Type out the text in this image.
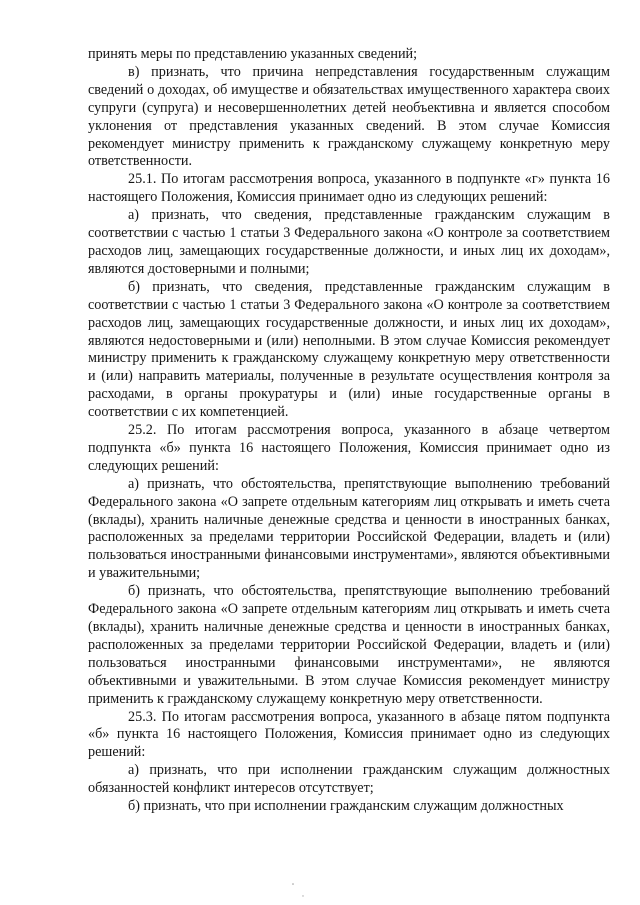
принять меры по представлению указанных сведений;

в) признать, что причина непредставления государственным служащим сведений о доходах, об имуществе и обязательствах имущественного характера своих супруги (супруга) и несовершеннолетних детей необъективна и является способом уклонения от представления указанных сведений. В этом случае Комиссия рекомендует министру применить к гражданскому служащему конкретную меру ответственности.

25.1. По итогам рассмотрения вопроса, указанного в подпункте «г» пункта 16 настоящего Положения, Комиссия принимает одно из следующих решений:

а) признать, что сведения, представленные гражданским служащим в соответствии с частью 1 статьи 3 Федерального закона «О контроле за соответствием расходов лиц, замещающих государственные должности, и иных лиц их доходам», являются достоверными и полными;

б) признать, что сведения, представленные гражданским служащим в соответствии с частью 1 статьи 3 Федерального закона «О контроле за соответствием расходов лиц, замещающих государственные должности, и иных лиц их доходам», являются недостоверными и (или) неполными. В этом случае Комиссия рекомендует министру применить к гражданскому служащему конкретную меру ответственности и (или) направить материалы, полученные в результате осуществления контроля за расходами, в органы прокуратуры и (или) иные государственные органы в соответствии с их компетенцией.

25.2. По итогам рассмотрения вопроса, указанного в абзаце четвертом подпункта «б» пункта 16 настоящего Положения, Комиссия принимает одно из следующих решений:

а) признать, что обстоятельства, препятствующие выполнению требований Федерального закона «О запрете отдельным категориям лиц открывать и иметь счета (вклады), хранить наличные денежные средства и ценности в иностранных банках, расположенных за пределами территории Российской Федерации, владеть и (или) пользоваться иностранными финансовыми инструментами», являются объективными и уважительными;

б) признать, что обстоятельства, препятствующие выполнению требований Федерального закона «О запрете отдельным категориям лиц открывать и иметь счета (вклады), хранить наличные денежные средства и ценности в иностранных банках, расположенных за пределами территории Российской Федерации, владеть и (или) пользоваться иностранными финансовыми инструментами», не являются объективными и уважительными. В этом случае Комиссия рекомендует министру применить к гражданскому служащему конкретную меру ответственности.

25.3. По итогам рассмотрения вопроса, указанного в абзаце пятом подпункта «б» пункта 16 настоящего Положения, Комиссия принимает одно из следующих решений:

а) признать, что при исполнении гражданским служащим должностных обязанностей конфликт интересов отсутствует;

б) признать, что при исполнении гражданским служащим должностных
